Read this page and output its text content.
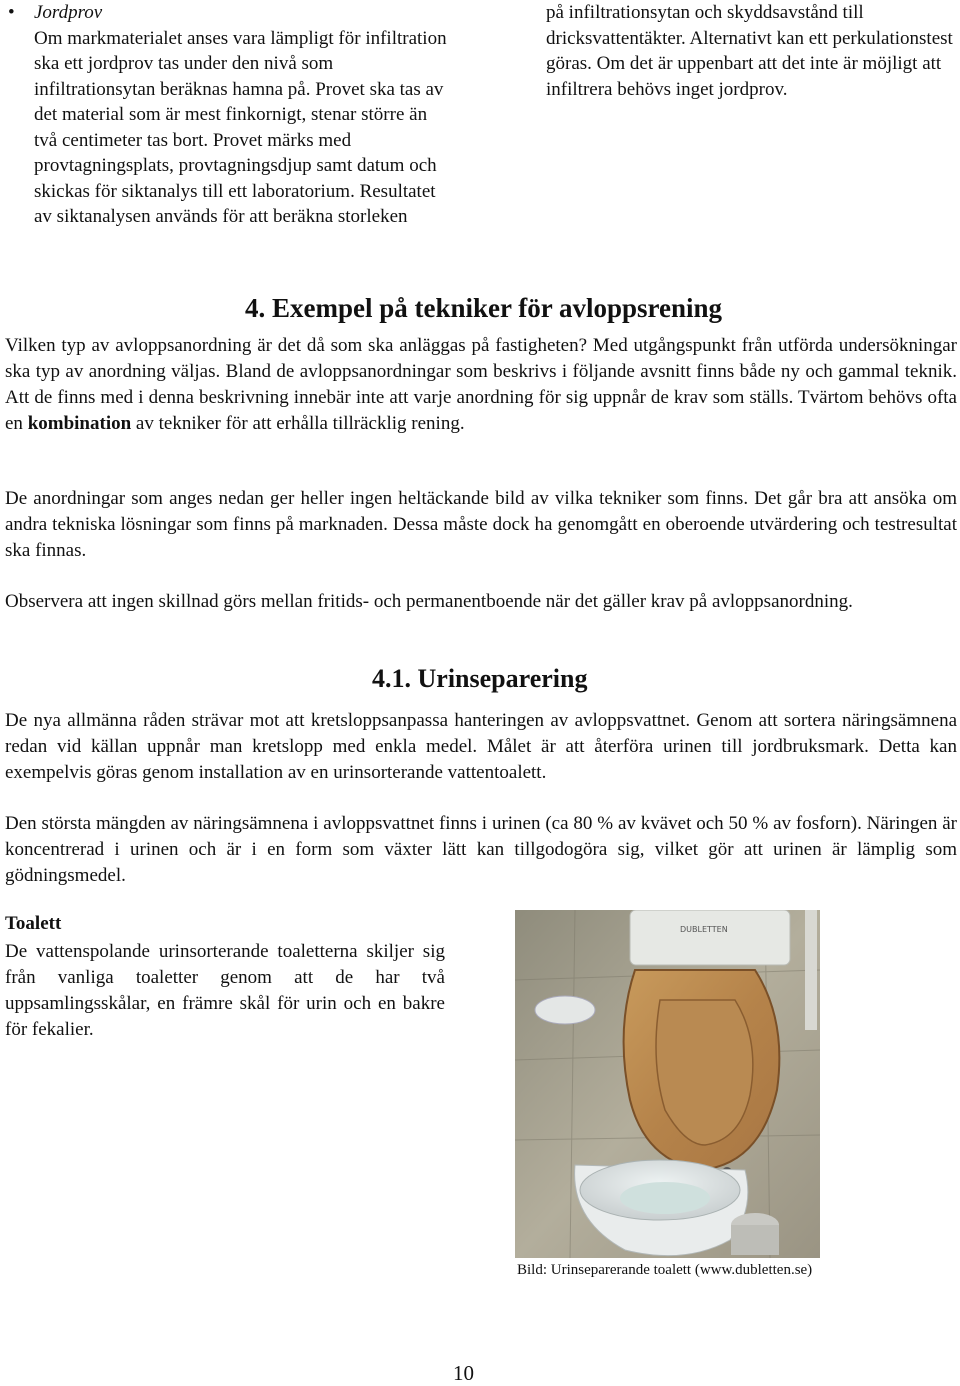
• Jordprov
Om markmaterialet anses vara lämpligt för infiltration ska ett jordprov tas under den nivå som infiltrationsytan beräknas hamna på. Provet ska tas av det material som är mest finkornigt, stenar större än två centimeter tas bort. Provet märks med provtagningsplats, provtagningsdjup samt datum och skickas för siktanalys till ett laboratorium. Resultatet av siktanalysen används för att beräkna storleken
på infiltrationsytan och skyddsavstånd till dricksvattentäkter. Alternativt kan ett perkulationstest göras. Om det är uppenbart att det inte är möjligt att infiltrera behövs inget jordprov.
4. Exempel på tekniker för avloppsrening

Vilken typ av avloppsanordning är det då som ska anläggas på fastigheten? Med utgångspunkt från utförda undersökningar ska typ av anordning väljas. Bland de avloppsanordningar som beskrivs i följande avsnitt finns både ny och gammal teknik. Att de finns med i denna beskrivning innebär inte att varje anordning för sig uppnår de krav som ställs. Tvärtom behövs ofta en kombination av tekniker för att erhålla tillräcklig rening.

De anordningar som anges nedan ger heller ingen heltäckande bild av vilka tekniker som finns. Det går bra att ansöka om andra tekniska lösningar som finns på marknaden. Dessa måste dock ha genomgått en oberoende utvärdering och testresultat ska finnas.
Observera att ingen skillnad görs mellan fritids- och permanentboende när det gäller krav på avloppsanordning.
4.1. Urinseparering
De nya allmänna råden strävar mot att kretsloppsanpassa hanteringen av avloppsvattnet. Genom att sortera näringsämnena redan vid källan uppnår man kretslopp med enkla medel. Målet är att återföra urinen till jordbruksmark. Detta kan exempelvis göras genom installation av en urinsorterande vattentoalett.
Den största mängden av näringsämnena i avloppsvattnet finns i urinen (ca 80 % av kvävet och 50 % av fosforn). Näringen är koncentrerad i urinen och är i en form som växter lätt kan tillgodogöra sig, vilket gör att urinen är lämplig som gödningsmedel.
Toalett
De vattenspolande urinsorterande toaletterna skiljer sig från vanliga toaletter genom att de har två uppsamlingsskålar, en främre skål för urin och en bakre för fekalier.
DUBLETTEN
Bild: Urinseparerande toalett (www.dubletten.se)
10
